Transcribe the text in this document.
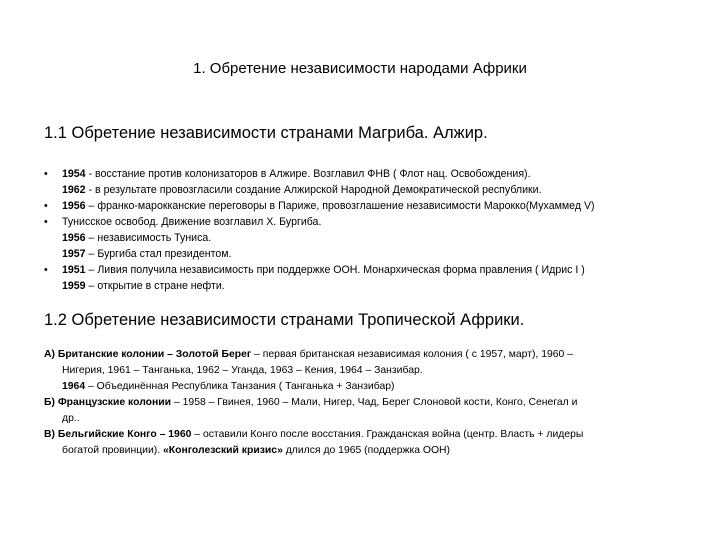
1. Обретение независимости народами Африки
1.1 Обретение независимости странами Магриба. Алжир.
• 1954 - восстание против колонизаторов в Алжире. Возглавил ФНВ ( Флот нац. Освобождения).
1962 - в результате провозгласили создание Алжирской Народной Демократической республики.
• 1956 – франко-марокканские переговоры в Париже, провозглашение независимости Марокко(Мухаммед V)
• Тунисское освобод. Движение возглавил Х. Бургиба.
1956 – независимость Туниса.
1957 – Бургиба стал президентом.
• 1951 – Ливия получила независимость при поддержке ООН. Монархическая форма правления ( Идрис I )
1959 – открытие в стране нефти.
1.2 Обретение независимости странами Тропической Африки.
А) Британские колонии – Золотой Берег – первая британская независимая колония ( с 1957, март), 1960 –
Нигерия, 1961 – Танганька, 1962 – Уганда, 1963 – Кения, 1964 – Занзибар.
1964 – Объединённая Республика Танзания ( Танганька + Занзибар)
Б) Французские колонии – 1958 – Гвинея, 1960 – Мали, Нигер, Чад, Берег Слоновой кости, Конго, Сенегал и
др..
В) Бельгийские Конго – 1960 – оставили Конго после восстания. Гражданская война (центр. Власть + лидеры
богатой провинции). «Конголезский кризис» длился до 1965 (поддержка ООН)
